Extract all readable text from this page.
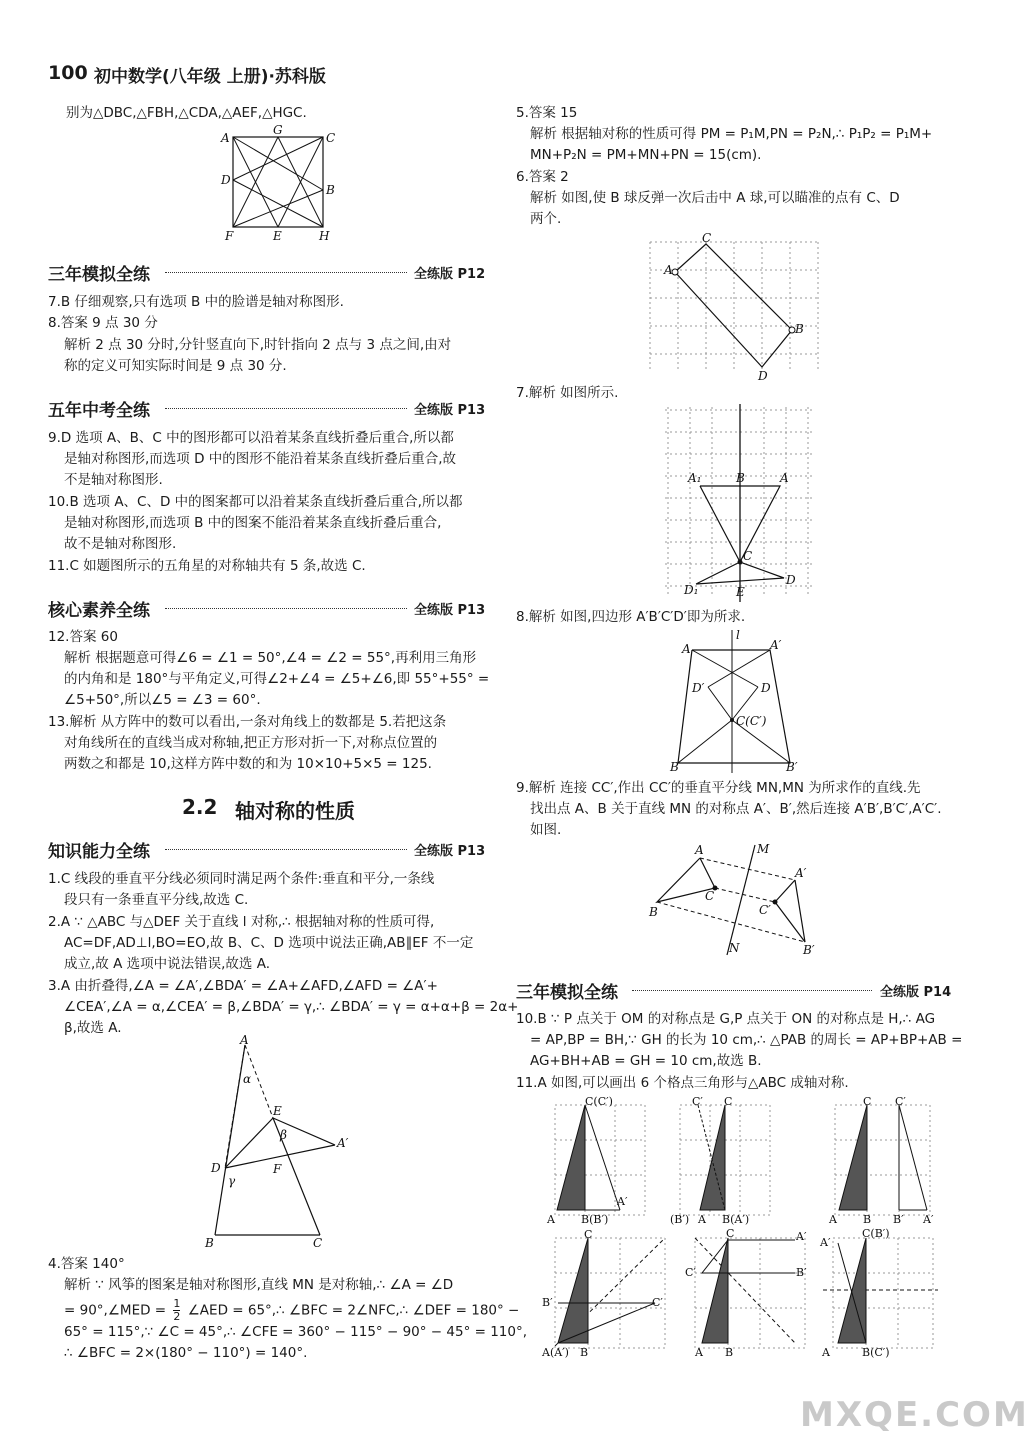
100 初中数学(八年级 上册)·苏科版
别为△DBC,△FBH,△CDA,△AEF,△HGC.
A
G
C
D
B
F	E	H
三年模拟全练	全练版 P12
7.B 仔细观察,只有选项 B 中的脸谱是轴对称图形.
8.答案 9 点 30 分
解析 2 点 30 分时,分针竖直向下,时针指向 2 点与 3 点之间,由对
称的定义可知实际时间是 9 点 30 分.
五年中考全练	全练版 P13
9.D 选项 A、B、C 中的图形都可以沿着某条直线折叠后重合,所以都
是轴对称图形,而选项 D 中的图形不能沿着某条直线折叠后重合,故
不是轴对称图形.
10.B 选项 A、C、D 中的图案都可以沿着某条直线折叠后重合,所以都
是轴对称图形,而选项 B 中的图案不能沿着某条直线折叠后重合,
故不是轴对称图形.
11.C 如题图所示的五角星的对称轴共有 5 条,故选 C.
核心素养全练	全练版 P13
12.答案 60
解析 根据题意可得∠6 = ∠1 = 50°,∠4 = ∠2 = 55°,再利用三角形
的内角和是 180°与平角定义,可得∠2+∠4 = ∠5+∠6,即 55°+55° =
∠5+50°,所以∠5 = ∠3 = 60°.
13.解析 从方阵中的数可以看出,一条对角线上的数都是 5.若把这条
对角线所在的直线当成对称轴,把正方形对折一下,对称点位置的
两数之和都是 10,这样方阵中数的和为 10×10+5×5 = 125.
2.2 轴对称的性质
知识能力全练	全练版 P13
1.C 线段的垂直平分线必须同时满足两个条件:垂直和平分,一条线
段只有一条垂直平分线,故选 C.
2.A ∵ △ABC 与△DEF 关于直线 l 对称,∴ 根据轴对称的性质可得,
AC=DF,AD⊥l,BO=EO,故 B、C、D 选项中说法正确,AB∥EF 不一定
成立,故 A 选项中说法错误,故选 A.
3.A 由折叠得,∠A = ∠A′,∠BDA′ = ∠A+∠AFD,∠AFD = ∠A′+
∠CEA′,∠A = α,∠CEA′ = β,∠BDA′ = γ,∴ ∠BDA′ = γ = α+α+β = 2α+
β,故选 A.
A
α
E
β
A′
D
γ
F
B	C
4.答案 140°
解析 ∵ 风筝的图案是轴对称图形,直线 MN 是对称轴,∴ ∠A = ∠D
= 90°,∠MED = $\frac{1}{2}$ ∠AED = 65°,∴ ∠BFC = 2∠NFC,∴ ∠DEF = 180° −
65° = 115°,∵ ∠C = 45°,∴ ∠CFE = 360° − 115° − 90° − 45° = 110°,
∴ ∠BFC = 2×(180° − 110°) = 140°.
5.答案 15
解析 根据轴对称的性质可得 PM = P₁M,PN = P₂N,∴ P₁P₂ = P₁M+
MN+P₂N = PM+MN+PN = 15(cm).
6.答案 2
解析 如图,使 B 球反弹一次后击中 A 球,可以瞄准的点有 C、D
两个.
C
A
B
D
7.解析 如图所示.
A₁	B	A
C
D₁	E
D
8.解析 如图,四边形 A′B′C′D′即为所求.
l
A	A′
D′	D
C(C′)
B	B′
9.解析 连接 CC′,作出 CC′的垂直平分线 MN,MN 为所求作的直线.先
找出点 A、B 关于直线 MN 的对称点 A′、B′,然后连接 A′B′,B′C′,A′C′.
如图.
A	M
A′
C
C′
B
N	B′
三年模拟全练	全练版 P14
10.B ∵ P 点关于 OM 的对称点是 G,P 点关于 ON 的对称点是 H,∴ AG
= AP,BP = BH,∵ GH 的长为 10 cm,∴ △PAB 的周长 = AP+BP+AB =
AG+BH+AB = GH = 10 cm,故选 B.
11.A 如图,可以画出 6 个格点三角形与△ABC 成轴对称.
C(C′)
A B(B′)
A′
C′ C
(B′) A B(A′)
C C′
A B B′ A′
C
B′	C′
A(A′) B
C	A′
C′	B′
A B
A′
C(B′)
A	B(C′)
MXQE.COM
